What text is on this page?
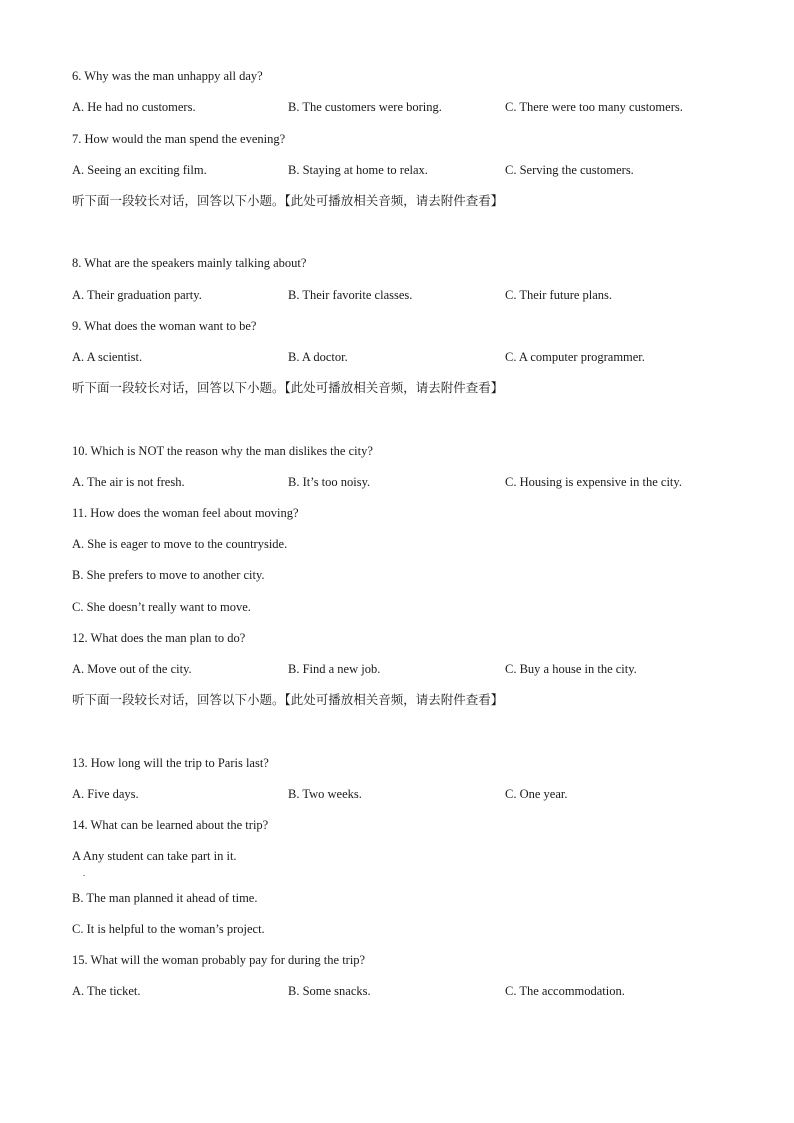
6. Why was the man unhappy all day?
A. He had no customers.	B. The customers were boring.	C. There were too many customers.
7. How would the man spend the evening?
A. Seeing an exciting film.	B. Staying at home to relax.	C. Serving the customers.
听下面一段较长对话，回答以下小题。【此处可播放相关音频，请去附件查看】
8. What are the speakers mainly talking about?
A. Their graduation party.	B. Their favorite classes.	C. Their future plans.
9. What does the woman want to be?
A. A scientist.	B. A doctor.	C. A computer programmer.
听下面一段较长对话，回答以下小题。【此处可播放相关音频，请去附件查看】
10. Which is NOT the reason why the man dislikes the city?
A. The air is not fresh.	B. It’s too noisy.	C. Housing is expensive in the city.
11. How does the woman feel about moving?
A. She is eager to move to the countryside.
B. She prefers to move to another city.
C. She doesn’t really want to move.
12. What does the man plan to do?
A. Move out of the city.	B. Find a new job.	C. Buy a house in the city.
听下面一段较长对话，回答以下小题。【此处可播放相关音频，请去附件查看】
13. How long will the trip to Paris last?
A. Five days.	B. Two weeks.	C. One year.
14. What can be learned about the trip?
A Any student can take part in it.
.
B. The man planned it ahead of time.
C. It is helpful to the woman’s project.
15. What will the woman probably pay for during the trip?
A. The ticket.	B. Some snacks.	C. The accommodation.
